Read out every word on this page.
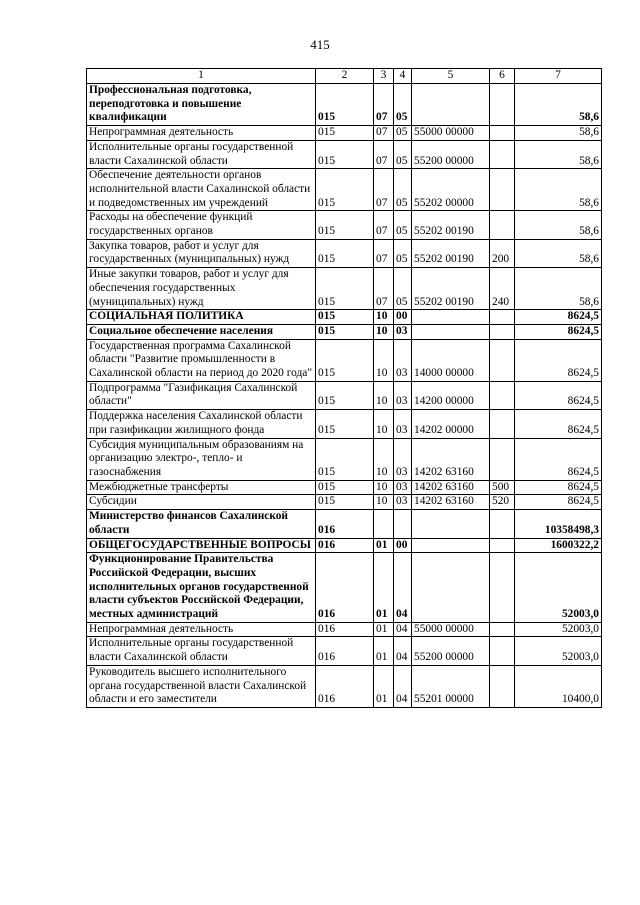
415
1	2	3	4	5	6	7
Профессиональная подготовка, переподготовка и повышение квалификации	015	07	05			58,6
Непрограммная деятельность	015	07	05	55000 00000		58,6
Исполнительные органы государственной власти Сахалинской области	015	07	05	55200 00000		58,6
Обеспечение деятельности органов исполнительной власти Сахалинской области и подведомственных им учреждений	015	07	05	55202 00000		58,6
Расходы на обеспечение функций государственных органов	015	07	05	55202 00190		58,6
Закупка товаров, работ и услуг для государственных (муниципальных) нужд	015	07	05	55202 00190	200	58,6
Иные закупки товаров, работ и услуг для обеспечения государственных (муниципальных) нужд	015	07	05	55202 00190	240	58,6
СОЦИАЛЬНАЯ ПОЛИТИКА	015	10	00			8624,5
Социальное обеспечение населения	015	10	03			8624,5
Государственная программа Сахалинской области "Развитие промышленности в Сахалинской области на период до 2020 года"	015	10	03	14000 00000		8624,5
Подпрограмма "Газификация Сахалинской области"	015	10	03	14200 00000		8624,5
Поддержка населения Сахалинской области при газификации жилищного фонда	015	10	03	14202 00000		8624,5
Субсидия муниципальным образованиям на организацию электро-, тепло- и газоснабжения	015	10	03	14202 63160		8624,5
Межбюджетные трансферты	015	10	03	14202 63160	500	8624,5
Субсидии	015	10	03	14202 63160	520	8624,5
Министерство финансов Сахалинской области	016					10358498,3
ОБЩЕГОСУДАРСТВЕННЫЕ ВОПРОСЫ	016	01	00			1600322,2
Функционирование Правительства Российской Федерации, высших исполнительных органов государственной власти субъектов Российской Федерации, местных администраций	016	01	04			52003,0
Непрограммная деятельность	016	01	04	55000 00000		52003,0
Исполнительные органы государственной власти Сахалинской области	016	01	04	55200 00000		52003,0
Руководитель высшего исполнительного органа государственной власти Сахалинской области и его заместители	016	01	04	55201 00000		10400,0
